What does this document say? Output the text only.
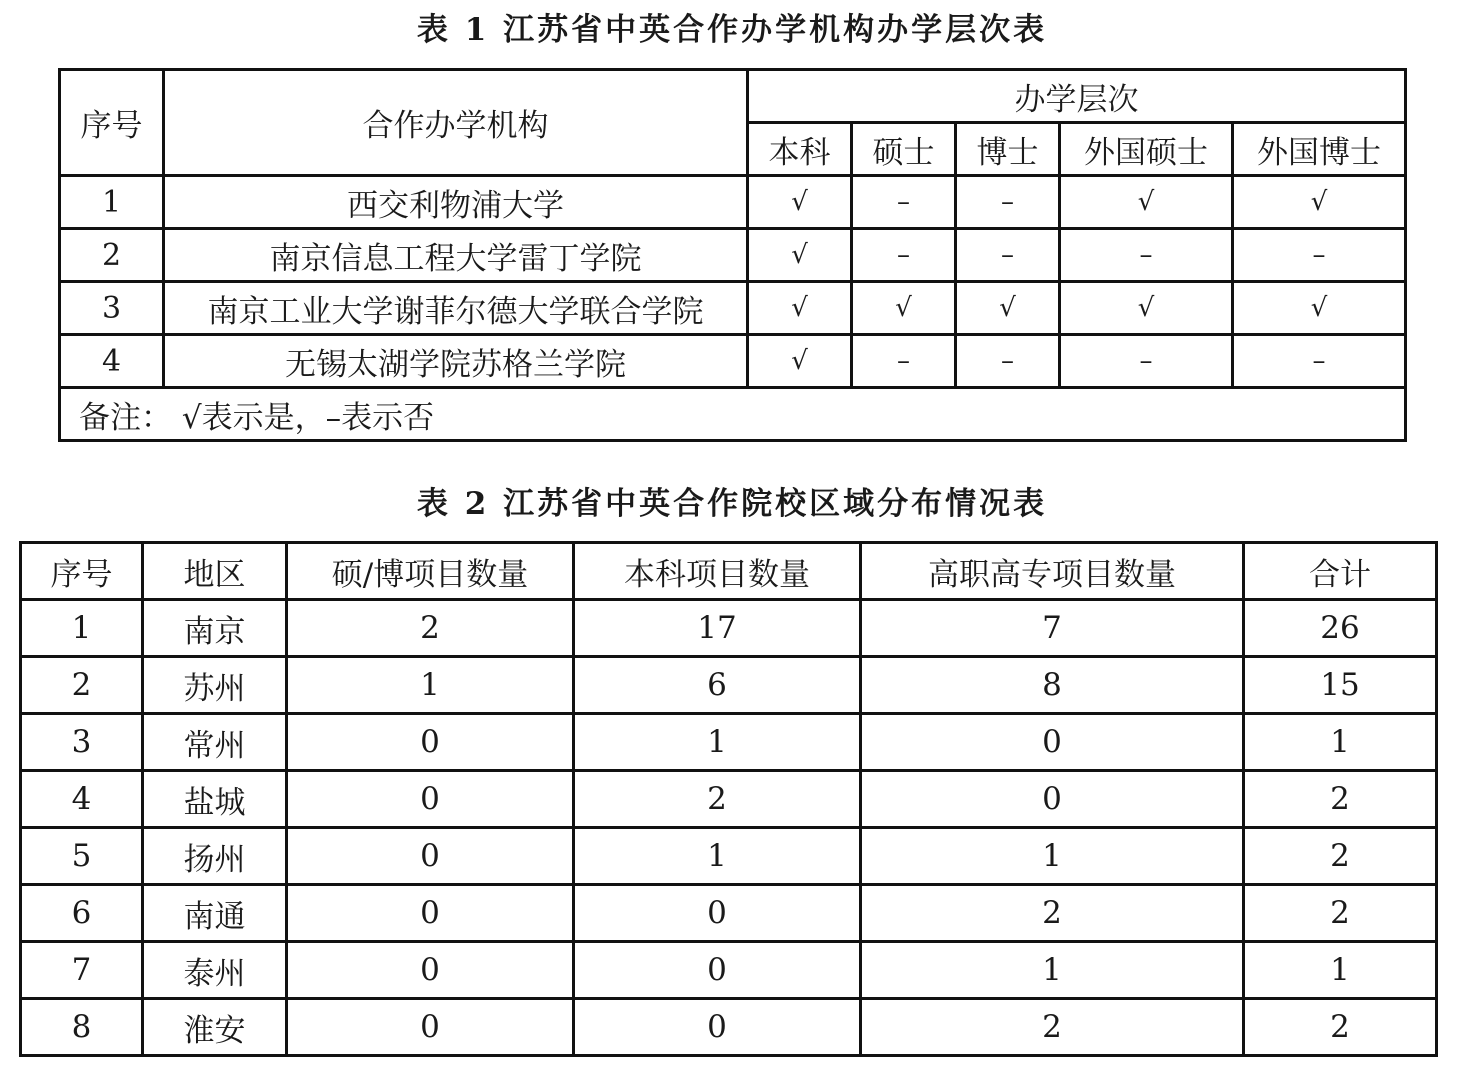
表 1 江苏省中英合作办学机构办学层次表
序号	合作办学机构	办学层次				
		本科	硕士	博士	外国硕士	外国博士
1	西交利物浦大学	√	–	–	√	√
2	南京信息工程大学雷丁学院	√	–	–	–	–
3	南京工业大学谢菲尔德大学联合学院	√	√	√	√	√
4	无锡太湖学院苏格兰学院	√	–	–	–	–
备注： √表示是，–表示否						
表 2 江苏省中英合作院校区域分布情况表
序号	地区	硕/博项目数量	本科项目数量	高职高专项目数量	合计
1	南京	2	17	7	26
2	苏州	1	6	8	15
3	常州	0	1	0	1
4	盐城	0	2	0	2
5	扬州	0	1	1	2
6	南通	0	0	2	2
7	泰州	0	0	1	1
8	淮安	0	0	2	2
